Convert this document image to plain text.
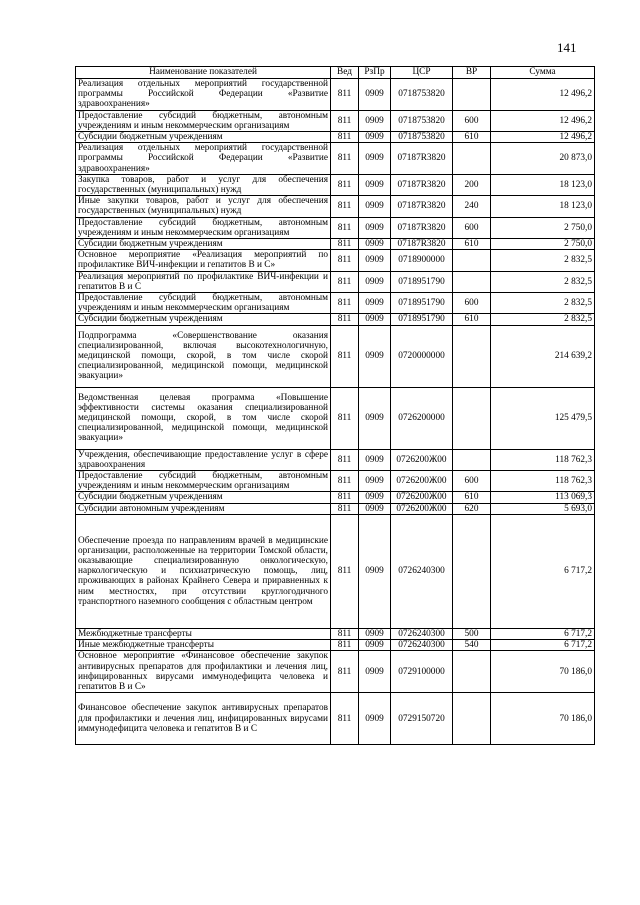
141
Наименование показателей	Вед	РзПр	ЦСР	ВР	Сумма
Реализация отдельных мероприятий государственной программы Российской Федерации «Развитие здравоохранения»	811	0909	0718753820		12 496,2
Предоставление субсидий бюджетным, автономным учреждениям и иным некоммерческим организациям	811	0909	0718753820	600	12 496,2
Субсидии бюджетным учреждениям	811	0909	0718753820	610	12 496,2
Реализация отдельных мероприятий государственной программы Российской Федерации «Развитие здравоохранения»	811	0909	07187R3820		20 873,0
Закупка товаров, работ и услуг для обеспечения государственных (муниципальных) нужд	811	0909	07187R3820	200	18 123,0
Иные закупки товаров, работ и услуг для обеспечения государственных (муниципальных) нужд	811	0909	07187R3820	240	18 123,0
Предоставление субсидий бюджетным, автономным учреждениям и иным некоммерческим организациям	811	0909	07187R3820	600	2 750,0
Субсидии бюджетным учреждениям	811	0909	07187R3820	610	2 750,0
Основное мероприятие «Реализация мероприятий по профилактике ВИЧ-инфекции и гепатитов В и С»	811	0909	0718900000		2 832,5
Реализация мероприятий по профилактике ВИЧ-инфекции и гепатитов В и С	811	0909	0718951790		2 832,5
Предоставление субсидий бюджетным, автономным учреждениям и иным некоммерческим организациям	811	0909	0718951790	600	2 832,5
Субсидии бюджетным учреждениям	811	0909	0718951790	610	2 832,5
Подпрограмма «Совершенствование оказания специализированной, включая высокотехнологичную, медицинской помощи, скорой, в том числе скорой специализированной, медицинской помощи, медицинской эвакуации»	811	0909	0720000000		214 639,2
Ведомственная целевая программа «Повышение эффективности системы оказания специализированной медицинской помощи, скорой, в том числе скорой специализированной, медицинской помощи, медицинской эвакуации»	811	0909	0726200000		125 479,5
Учреждения, обеспечивающие предоставление услуг в сфере здравоохранения	811	0909	0726200Ж00		118 762,3
Предоставление субсидий бюджетным, автономным учреждениям и иным некоммерческим организациям	811	0909	0726200Ж00	600	118 762,3
Субсидии бюджетным учреждениям	811	0909	0726200Ж00	610	113 069,3
Субсидии автономным учреждениям	811	0909	0726200Ж00	620	5 693,0
Обеспечение проезда по направлениям врачей в медицинские организации, расположенные на территории Томской области, оказывающие специализированную онкологическую, наркологическую и психиатрическую помощь, лиц, проживающих в районах Крайнего Севера и приравненных к ним местностях, при отсутствии круглогодичного транспортного наземного сообщения с областным центром	811	0909	0726240300		6 717,2
Межбюджетные трансферты	811	0909	0726240300	500	6 717,2
Иные межбюджетные трансферты	811	0909	0726240300	540	6 717,2
Основное мероприятие «Финансовое обеспечение закупок антивирусных препаратов для профилактики и лечения лиц, инфицированных вирусами иммунодефицита человека и гепатитов В и С»	811	0909	0729100000		70 186,0
Финансовое обеспечение закупок антивирусных препаратов для профилактики и лечения лиц, инфицированных вирусами иммунодефицита человека и гепатитов В и С	811	0909	0729150720		70 186,0
